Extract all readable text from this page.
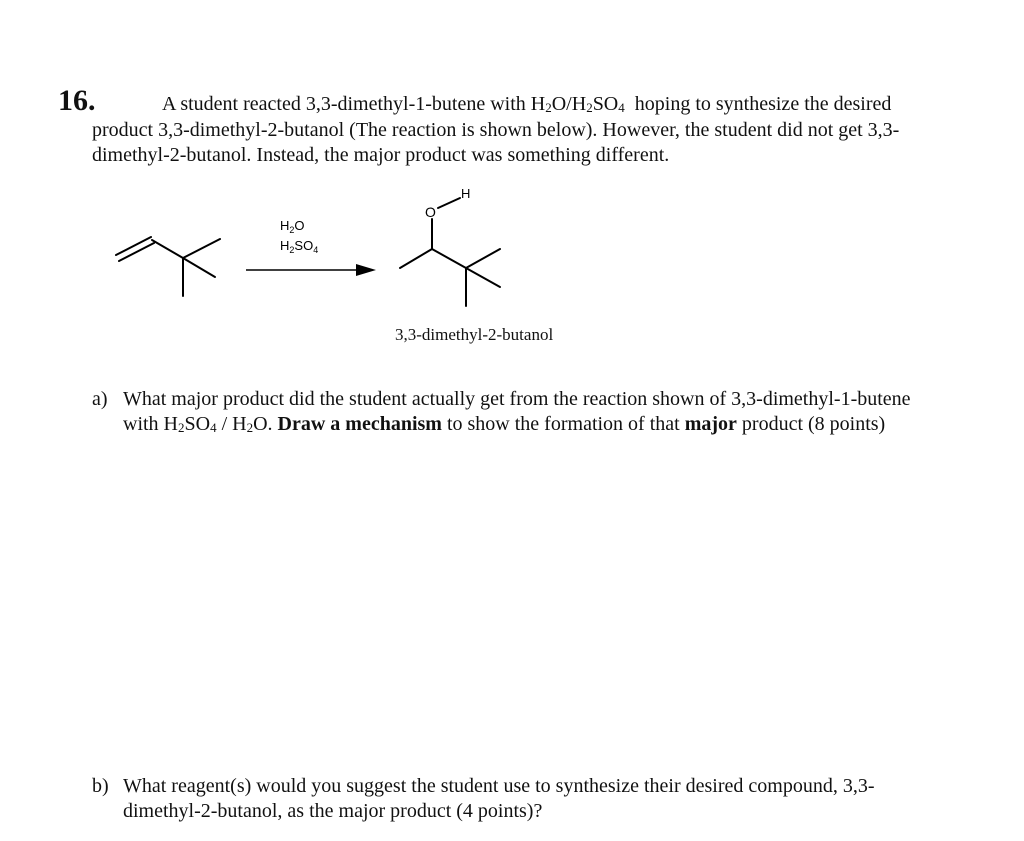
16.	A student reacted 3,3-dimethyl-1-butene with H2O/H2SO4  hoping to synthesize the desired
product 3,3-dimethyl-2-butanol (The reaction is shown below). However, the student did not get 3,3-
dimethyl-2-butanol. Instead, the major product was something different.
$H_2O$
$H_2SO_4$
O
H
3,3-dimethyl-2-butanol
a) What major product did the student actually get from the reaction shown of 3,3-dimethyl-1-butene
with H2SO4 / H2O. Draw a mechanism to show the formation of that major product (8 points)
b) What reagent(s) would you suggest the student use to synthesize their desired compound, 3,3-
dimethyl-2-butanol, as the major product (4 points)?
